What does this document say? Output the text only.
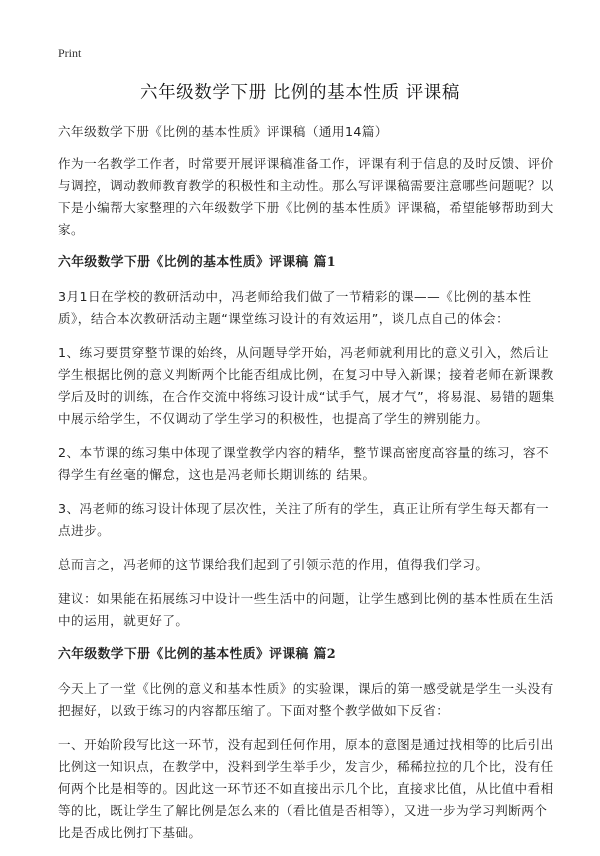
Print
六年级数学下册 比例的基本性质 评课稿

六年级数学下册《比例的基本性质》评课稿（通用14篇）

作为一名教学工作者，时常要开展评课稿准备工作，评课有利于信息的及时反馈、评价与调控，调动教师教育教学的积极性和主动性。那么写评课稿需要注意哪些问题呢？以下是小编帮大家整理的六年级数学下册《比例的基本性质》评课稿，希望能够帮助到大家。

六年级数学下册《比例的基本性质》评课稿 篇1

3月1日在学校的教研活动中，冯老师给我们做了一节精彩的课——《比例的基本性质》，结合本次教研活动主题“课堂练习设计的有效运用”，谈几点自己的体会：

1、练习要贯穿整节课的始终，从问题导学开始，冯老师就利用比的意义引入，然后让学生根据比例的意义判断两个比能否组成比例，在复习中导入新课；接着老师在新课教学后及时的训练，在合作交流中将练习设计成“试手气，展才气”，将易混、易错的题集中展示给学生，不仅调动了学生学习的积极性，也提高了学生的辨别能力。

2、本节课的练习集中体现了课堂教学内容的精华，整节课高密度高容量的练习，容不得学生有丝毫的懈怠，这也是冯老师长期训练的 结果。

3、冯老师的练习设计体现了层次性，关注了所有的学生，真正让所有学生每天都有一点进步。

总而言之，冯老师的这节课给我们起到了引领示范的作用，值得我们学习。

建议：如果能在拓展练习中设计一些生活中的问题，让学生感到比例的基本性质在生活中的运用，就更好了。

六年级数学下册《比例的基本性质》评课稿 篇2

今天上了一堂《比例的意义和基本性质》的实验课，课后的第一感受就是学生一头没有把握好，以致于练习的内容都压缩了。下面对整个教学做如下反省：

一、开始阶段写比这一环节，没有起到任何作用，原本的意图是通过找相等的比后引出比例这一知识点，在教学中，没料到学生举手少，发言少，稀稀拉拉的几个比，没有任何两个比是相等的。因此这一环节还不如直接出示几个比，直接求比值，从比值中看相等的比，既让学生了解比例是怎么来的（看比值是否相等），又进一步为学习判断两个比是否成比例打下基础。
